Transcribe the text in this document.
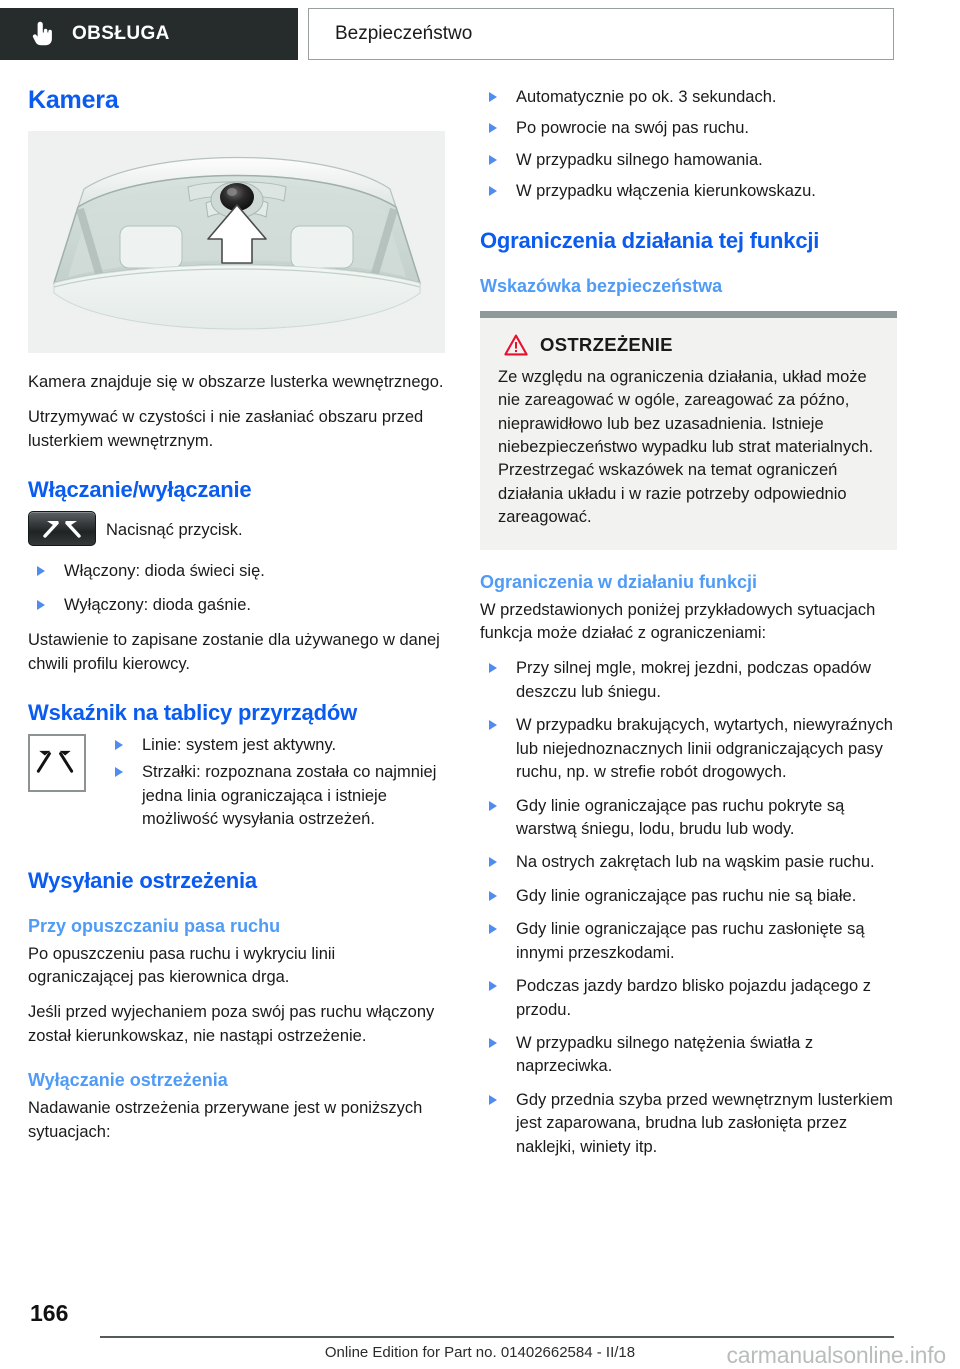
OBSŁUGA	Bezpieczeństwo
Kamera

Kamera znajduje się w obszarze lusterka wewnętrznego.

Utrzymywać w czystości i nie zasłaniać obszaru przed lusterkiem wewnętrznym.

Włączanie/wyłączanie
Nacisnąć przycisk.
Włączony: dioda świeci się.
Wyłączony: dioda gaśnie.

Ustawienie to zapisane zostanie dla używanego w danej chwili profilu kierowcy.

Wskaźnik na tablicy przyrządów
Linie: system jest aktywny.
Strzałki: rozpoznana została co najmniej jedna linia ograniczająca i istnieje możliwość wysyłania ostrzeżeń.
Wysyłanie ostrzeżenia
Przy opuszczaniu pasa ruchu

Po opuszczeniu pasa ruchu i wykryciu linii ograniczającej pas kierownica drga.

Jeśli przed wyjechaniem poza swój pas ruchu włączony został kierunkowskaz, nie nastąpi ostrzeżenie.

Wyłączanie ostrzeżenia

Nadawanie ostrzeżenia przerywane jest w poniższych sytuacjach:

Automatycznie po ok. 3 sekundach.
Po powrocie na swój pas ruchu.
W przypadku silnego hamowania.
W przypadku włączenia kierunkowskazu.
Ograniczenia działania tej funkcji
Wskazówka bezpieczeństwa
OSTRZEŻENIE

Ze względu na ograniczenia działania, układ może nie zareagować w ogóle, zareagować za późno, nieprawidłowo lub bez uzasadnienia. Istnieje niebezpieczeństwo wypadku lub strat materialnych. Przestrzegać wskazówek na temat ograniczeń działania układu i w razie potrzeby odpowiednio zareagować.

Ograniczenia w działaniu funkcji

W przedstawionych poniżej przykładowych sytuacjach funkcja może działać z ograniczeniami:

Przy silnej mgle, mokrej jezdni, podczas opadów deszczu lub śniegu.
W przypadku brakujących, wytartych, niewyraźnych lub niejednoznacznych linii odgraniczających pasy ruchu, np. w strefie robót drogowych.
Gdy linie ograniczające pas ruchu pokryte są warstwą śniegu, lodu, brudu lub wody.
Na ostrych zakrętach lub na wąskim pasie ruchu.
Gdy linie ograniczające pas ruchu nie są białe.
Gdy linie ograniczające pas ruchu zasłonięte są innymi przeszkodami.
Podczas jazdy bardzo blisko pojazdu jadącego z przodu.
W przypadku silnego natężenia światła z naprzeciwka.
Gdy przednia szyba przed wewnętrznym lusterkiem jest zaparowana, brudna lub zasłonięta przez naklejki, winiety itp.
166
Online Edition for Part no. 01402662584 - II/18	carmanualsonline.info
